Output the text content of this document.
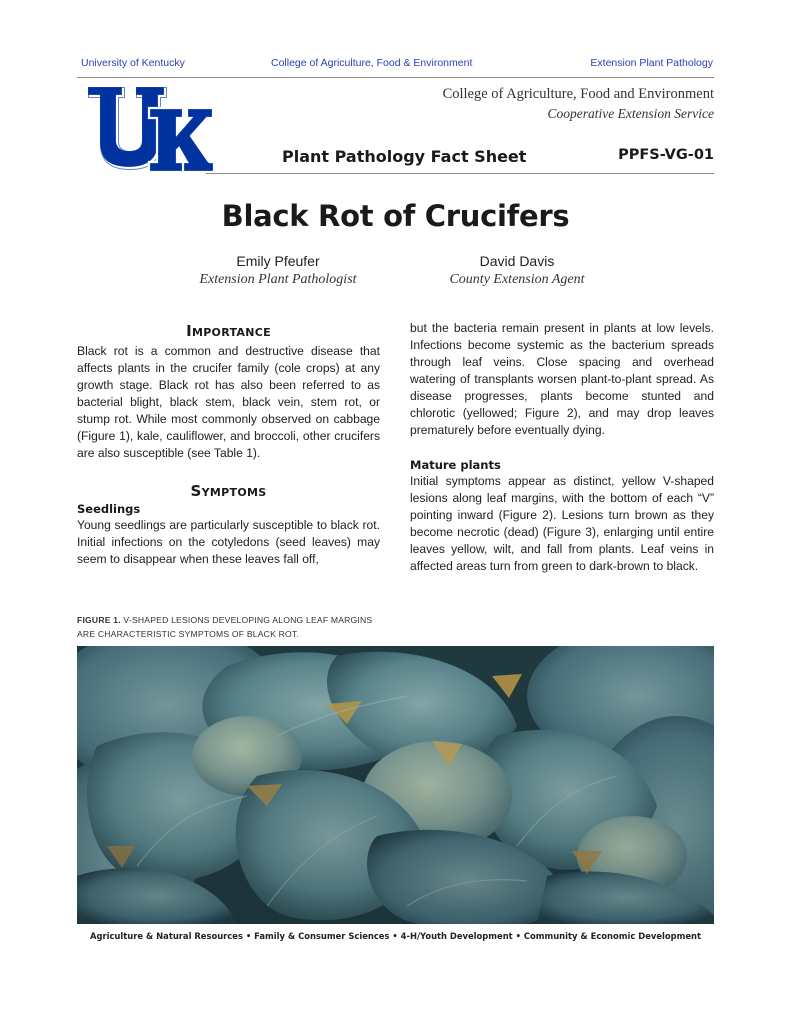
University of Kentucky	College of Agriculture, Food & Environment	Extension Plant Pathology
®
College of Agriculture, Food and Environment
Cooperative Extension Service
Plant Pathology Fact Sheet	PPFS-VG-01
Black Rot of Crucifers
Emily Pfeufer
Extension Plant Pathologist
David Davis
County Extension Agent
Importance

Black rot is a common and destructive disease that affects plants in the crucifer family (cole crops) at any growth stage. Black rot has also been referred to as bacterial blight, black stem, black vein, stem rot, or stump rot. While most commonly observed on cabbage (Figure 1), kale, cauliflower, and broccoli, other crucifers are also susceptible (see Table 1).

Symptoms
Seedlings

Young seedlings are particularly susceptible to black rot. Initial infections on the cotyledons (seed leaves) may seem to disappear when these leaves fall off,

but the bacteria remain present in plants at low levels. Infections become systemic as the bacterium spreads through leaf veins. Close spacing and overhead watering of transplants worsen plant-to-plant spread. As disease progresses, plants become stunted and chlorotic (yellowed; Figure 2), and may drop leaves prematurely before eventually dying.

Mature plants

Initial symptoms appear as distinct, yellow V-shaped lesions along leaf margins, with the bottom of each “V” pointing inward (Figure 2). Lesions turn brown as they become necrotic (dead) (Figure 3), enlarging until entire leaves yellow, wilt, and fall from plants. Leaf veins in affected areas turn from green to dark-brown to black.

FIGURE 1. V-SHAPED LESIONS DEVELOPING ALONG LEAF MARGINS ARE CHARACTERISTIC SYMPTOMS OF BLACK ROT.
Agriculture & Natural Resources • Family & Consumer Sciences • 4-H/Youth Development • Community & Economic Development
